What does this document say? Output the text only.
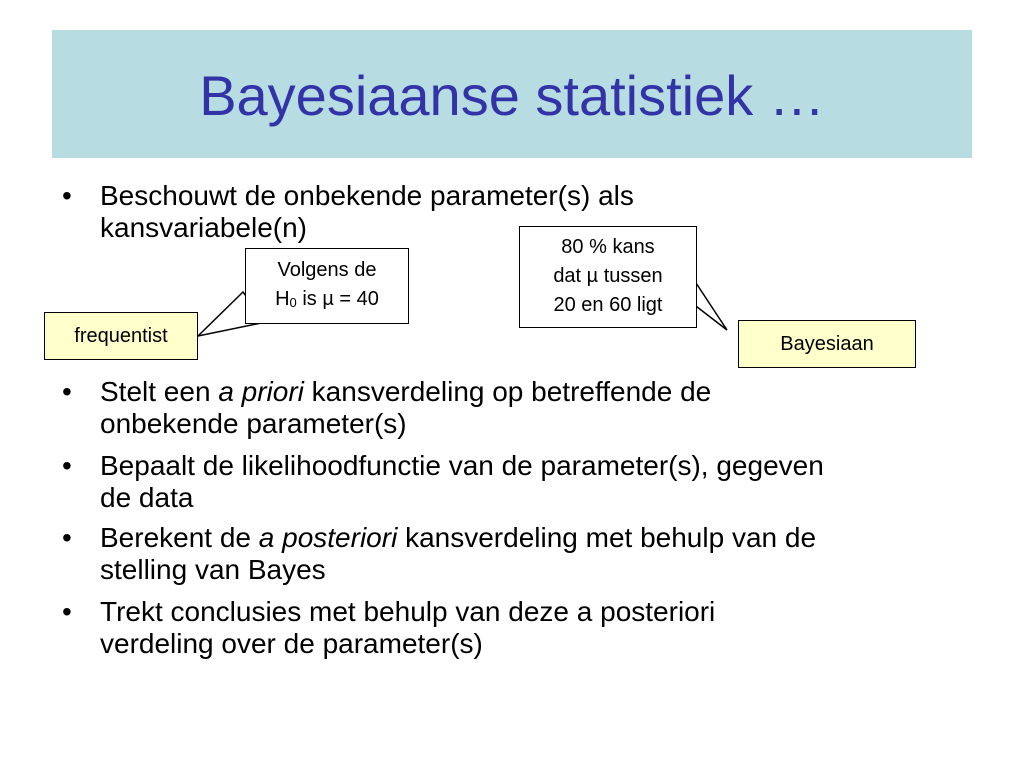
Bayesiaanse statistiek …
• Beschouwt de onbekende parameter(s) als
kansvariabele(n)
• Stelt een a priori kansverdeling op betreffende de
onbekende parameter(s)
• Bepaalt de likelihoodfunctie van de parameter(s), gegeven
de data
• Berekent de a posteriori kansverdeling met behulp van de
stelling van Bayes
• Trekt conclusies met behulp van deze a posteriori
verdeling over de parameter(s)
Volgens de
H0 is µ = 40
80 % kans
dat µ tussen
20 en 60 ligt
frequentist	Bayesiaan
